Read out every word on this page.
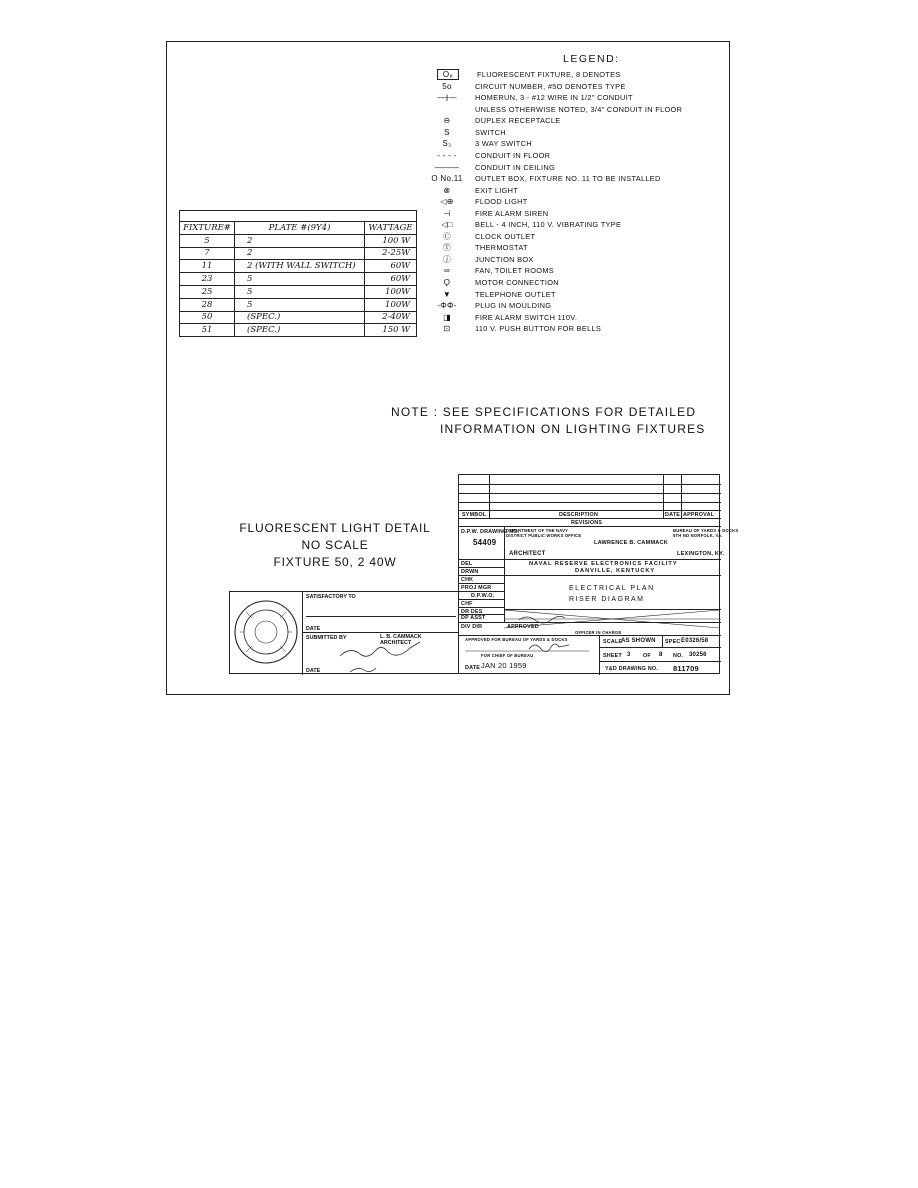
LEGEND:
O₈	FLUORESCENT FIXTURE, 8 DENOTES
5o	CIRCUIT NUMBER, #5O DENOTES TYPE
—⫲—	HOMERUN, 3 - #12 WIRE IN 1/2" CONDUIT
UNLESS OTHERWISE NOTED, 3/4" CONDUIT IN FLOOR
⊖	DUPLEX RECEPTACLE
S	SWITCH
S₃	3 WAY SWITCH
- - - -	CONDUIT IN FLOOR
———	CONDUIT IN CEILING
O No.11	OUTLET BOX, FIXTURE NO. 11 TO BE INSTALLED
⊗	EXIT LIGHT
◁⊕	FLOOD LIGHT
⊣	FIRE ALARM SIREN
◁□	BELL - 4 INCH, 110 V. VIBRATING TYPE
Ⓒ	CLOCK OUTLET
Ⓣ	THERMOSTAT
ⓙ	JUNCTION BOX
∞	FAN, TOILET ROOMS
Ϙ	MOTOR CONNECTION
▼	TELEPHONE OUTLET
-ΦΦ-	PLUG IN MOULDING
◨	FIRE ALARM SWITCH 110V.
⊡	110 V. PUSH BUTTON FOR BELLS
FIXTURE#	PLATE #(9Y4)	WATTAGE
5	2	100 W
7	2	2-25W
11	2 (WITH WALL SWITCH)	60W
23	5	60W
25	5	100W
28	5	100W
50	(SPEC.)	2-40W
51	(SPEC.)	150 W
NOTE : SEE SPECIFICATIONS FOR DETAILED
INFORMATION ON LIGHTING FIXTURES
FLUORESCENT LIGHT DETAIL
NO SCALE
FIXTURE 50, 2 40W
SYMBOL	DESCRIPTION	DATE APPROVAL
REVISIONS
D.P.W. DRAWING NO.
54409
DEPARTMENT OF THE NAVY
DISTRICT PUBLIC WORKS OFFICE
BUREAU OF YARDS & DOCKS
5TH ND NORFOLK, VA.
LAWRENCE B. CAMMACK
ARCHITECT	LEXINGTON, KY.
DEL
DRWN
CHK
PROJ MGR
D.P.W.O.
CHF
DR DES
DP ASST
NAVAL RESERVE ELECTRONICS FACILITY
DANVILLE, KENTUCKY
ELECTRICAL PLAN
RISER DIAGRAM
DIV DIR	APPROVED
OFFICER IN CHARGE
APPROVED FOR BUREAU OF YARDS & DOCKS
FOR CHIEF OF BUREAU
DATE JAN 20 1959
SCALE
AS SHOWN SPEC E0326/58
SHEET 3 OF 8 NO. 30256
Y&D DRAWING NO. 811709
SATISFACTORY TO
DATE
SUBMITTED BY	L. B. CAMMACK
ARCHITECT
DATE
